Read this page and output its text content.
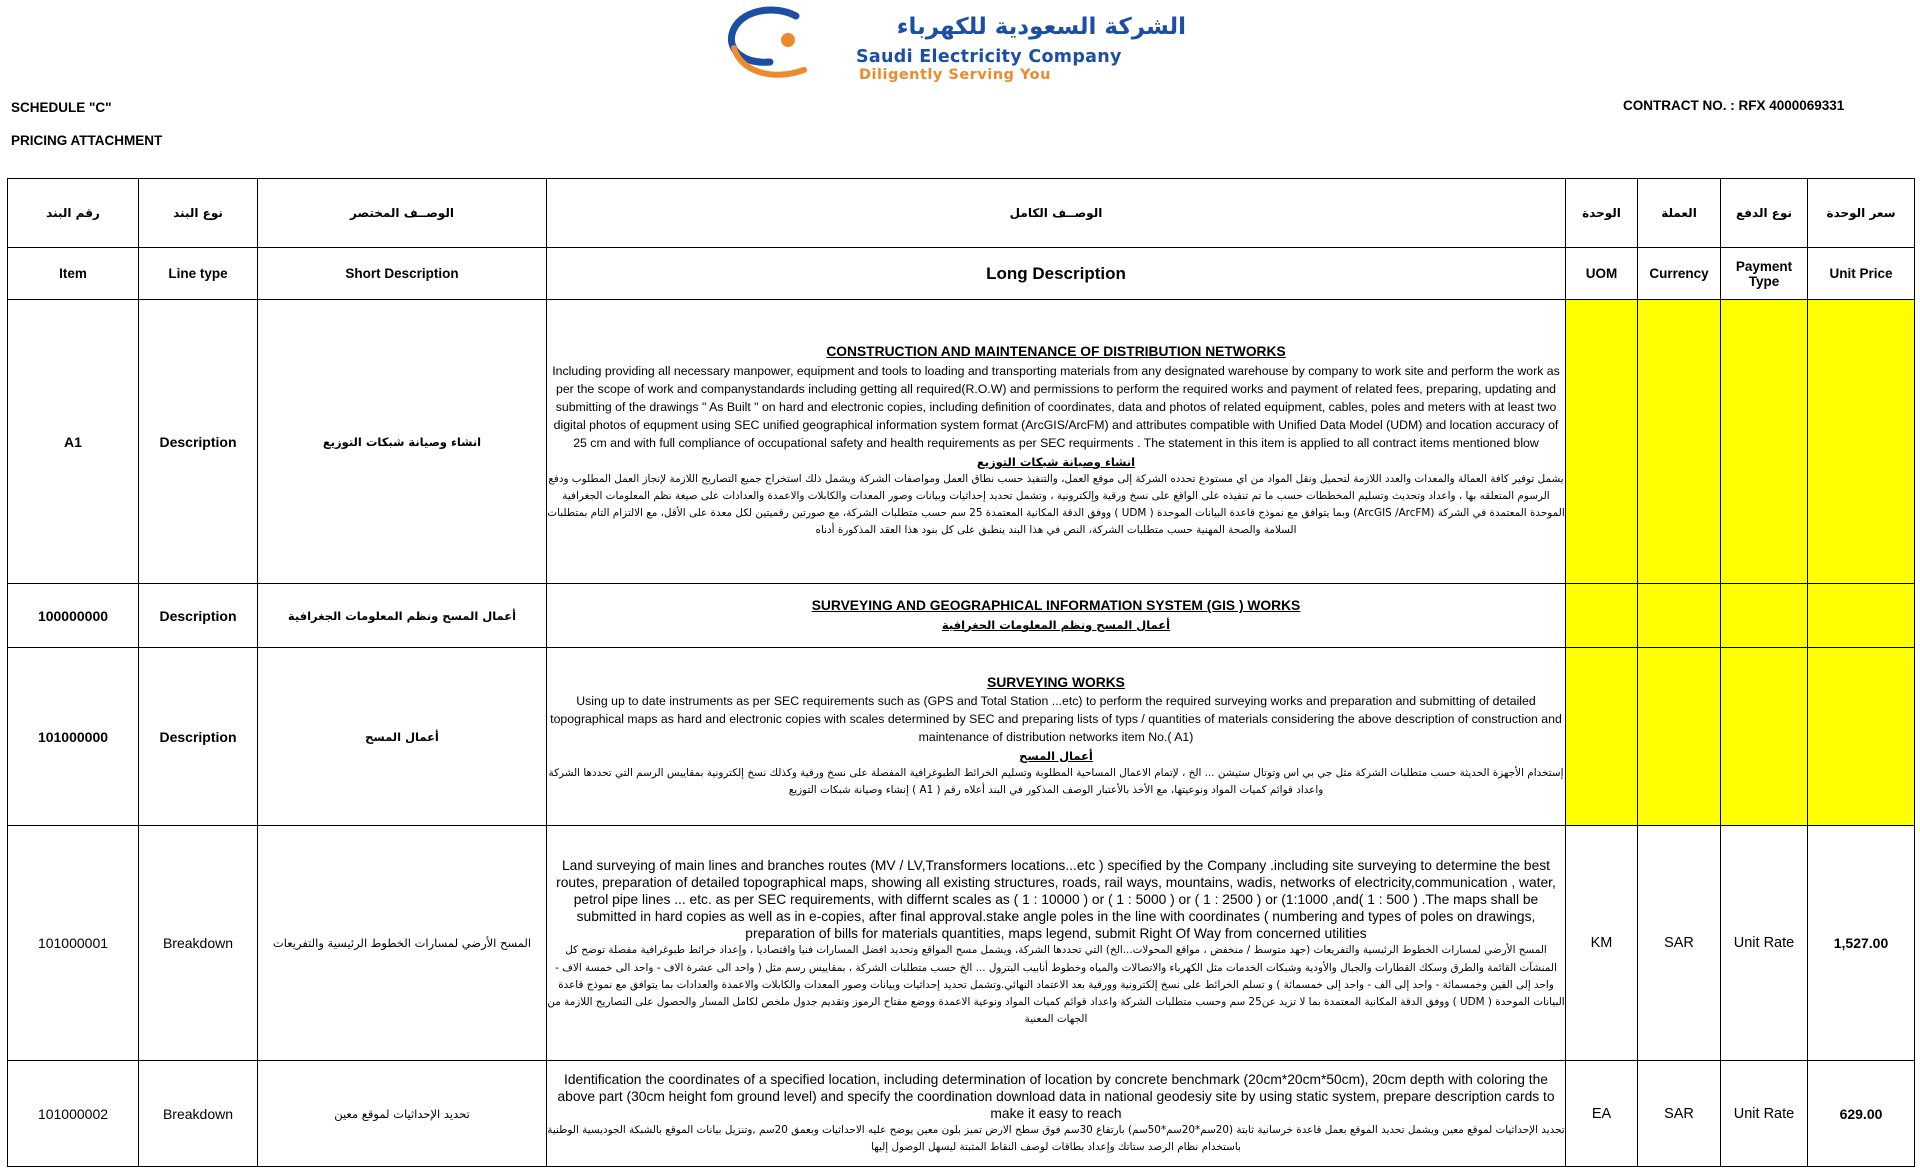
الشركة السعودية للكهرباء
Saudi Electricity Company
Diligently Serving You
SCHEDULE "C"
PRICING ATTACHMENT
CONTRACT NO. : RFX 4000069331
رقم البند	نوع البند	الوصــف المختصر	الوصــف الكامل	الوحدة	العملة	نوع الدفع	سعر الوحدة
Item	Line type	Short Description	Long Description	UOM	Currency	Payment Type	Unit Price
A1	Description	انشاء وصيانة شبكات التوزيع	CONSTRUCTION AND MAINTENANCE OF DISTRIBUTION NETWORKS
Including providing all necessary manpower, equipment and tools to loading and transporting materials from any designated warehouse by company to work site and perform the work as per the scope of work and companystandards including getting all required(R.O.W) and permissions to perform the required works and payment of related fees, preparing, updating and submitting of the drawings " As Built " on hard and electronic copies, including definition of coordinates, data and photos of related equipment, cables, poles and meters with at least two digital photos of equpment using SEC unified geographical information system format (ArcGIS/ArcFM) and attributes compatible with Unified Data Model (UDM) and location accuracy of 25 cm and with full compliance of occupational safety and health requirements as per SEC requirments . The statement in this item is applied to all contract items mentioned blow
انشاء وصيانة شبكات التوزيع
يشمل توفير كافة العمالة والمعدات والعدد اللازمة لتحميل ونقل المواد من اي مستودع تحدده الشركة إلى موقع العمل، والتنفيذ حسب نطاق العمل ومواصفات الشركة ويشمل ذلك استخراج جميع التصاريح اللازمة لإنجاز العمل المطلوب ودفع الرسوم المتعلقه بها ، واعداد وتحديث وتسليم المخططات حسب ما تم تنفيذه على الواقع على نسخ ورقية وإلكترونية ، وتشمل تحديد إحداثيات وبيانات وصور المعدات والكابلات والاعمدة والعدادات على صيغة نظم المعلومات الجغرافية الموحدة المعتمدة في الشركة (ArcGIS /ArcFM) وبما يتوافق مع نموذج قاعدة البيانات الموحدة ( UDM ) ووفق الدقة المكانية المعتمدة 25 سم حسب متطلبات الشركة، مع صورتين رقميتين لكل معدة على الأقل، مع الالتزام التام بمتطلبات السلامة والصحة المهنية حسب متطلبات الشركة، النص في هذا البند ينطبق على كل بنود هذا العقد المذكورة أدناه				

100000000	Description	أعمال المسح ونظم المعلومات الجغرافية	SURVEYING AND GEOGRAPHICAL INFORMATION SYSTEM (GIS ) WORKS
أعمال المسح ونظم المعلومات الجغرافية				

101000000	Description	أعمال المسح	SURVEYING WORKS
Using up to date instruments as per SEC requirements such as (GPS and Total Station ...etc) to perform the required surveying works and preparation and submitting of detailed topographical maps as hard and electronic copies with scales determined by SEC and preparing lists of typs / quantities of materials considering the above description of construction and maintenance of distribution networks item No.( A1)
أعمال المسح
إستخدام الأجهزة الحديثة حسب متطلبات الشركة مثل جي بي اس وتوتال ستيشن ... الخ ، لإتمام الاعمال المساحية المطلوبة وتسليم الخرائط الطبوغرافية المفصلة على نسخ ورقية وكذلك نسخ إلكترونية بمقاييس الرسم التي تحددها الشركة واعداد قوائم كميات المواد ونوعيتها، مع الأخذ بالأعتبار الوصف المذكور في البند أعلاه رقم ( A1 ) إنشاء وصيانة شبكات التوزيع				

101000001	Breakdown	المسح الأرضي لمسارات الخطوط الرئيسية والتفريعات	Land surveying of main lines and branches routes (MV / LV,Transformers locations...etc ) specified by the Company .including site surveying to determine the best routes, preparation of detailed topographical maps, showing all existing structures, roads, rail ways, mountains, wadis, networks of electricity,communication , water, petrol pipe lines ... etc. as per SEC requirements, with differnt scales as ( 1 : 10000 ) or ( 1 : 5000 ) or ( 1 : 2500 ) or (1:1000 ,and( 1 : 500 ) .The maps shall be submitted in hard copies as well as in e-copies, after final approval.stake angle poles in the line with coordinates ( numbering and types of poles on drawings, preparation of bills for materials quantities, maps legend, submit Right Of Way from concerned utilities
المسح الأرضي لمسارات الخطوط الرئيسية والتفريعات (جهد متوسط / منخفض ، مواقع المحولات...الخ) التي تحددها الشركة، ويشمل مسح المواقع وتحديد افضل المسارات فنيا واقتصاديا ، وإعداد خرائط طبوغرافية مفصلة توضح كل المنشآت القائمة والطرق وسكك القطارات والجبال والأودية وشبكات الخدمات مثل الكهرباء والاتصالات والمياه وخطوط أنابيب البترول ... الخ حسب متطلبات الشركة ، بمقاييس رسم مثل ( واحد الى عشرة الاف - واحد الى خمسة الاف - واحد إلى الفين وخمسمائة - واحد إلى الف - واحد إلى خمسمائة ) و تسلم الخرائط على نسخ إلكترونية وورقية بعد الاعتماد النهائي.وتشمل تحديد إحداثيات وبيانات وصور المعدات والكابلات والاعمدة والعدادات بما يتوافق مع نموذج قاعدة البيانات الموحدة ( UDM ) ووفق الدقة المكانية المعتمدة بما لا تزيد عن25 سم وحسب متطلبات الشركة واعداد قوائم كميات المواد ونوعية الاعمدة ووضع مفتاح الرموز وتقديم جدول ملخص لكامل المسار والحصول على التصاريح اللازمة من الجهات المعنية	KM	SAR	Unit Rate	1,527.00
101000002	Breakdown	تحديد الإحداثيات لموقع معين	Identification the coordinates of a specified location, including determination of location by concrete benchmark (20cm*20cm*50cm), 20cm depth with coloring the above part (30cm height fom ground level) and specify the coordination download data in national geodesiy site by using static system, prepare description cards to make it easy to reach
تحديد الإحداثيات لموقع معين ويشمل تحديد الموقع بعمل قاعدة خرسانية ثابتة (20سم*20سم*50سم) بارتفاع 30سم فوق سطح الارض تميز بلون معين يوضح عليه الاحداثيات وبعمق 20سم ,وتنزيل بيانات الموقع بالشبكة الجوديسية الوطنية باستخدام نظام الرصد ستاتك وإعداد بطاقات لوصف النقاط المثبتة ليسهل الوصول إليها	EA	SAR	Unit Rate	629.00
